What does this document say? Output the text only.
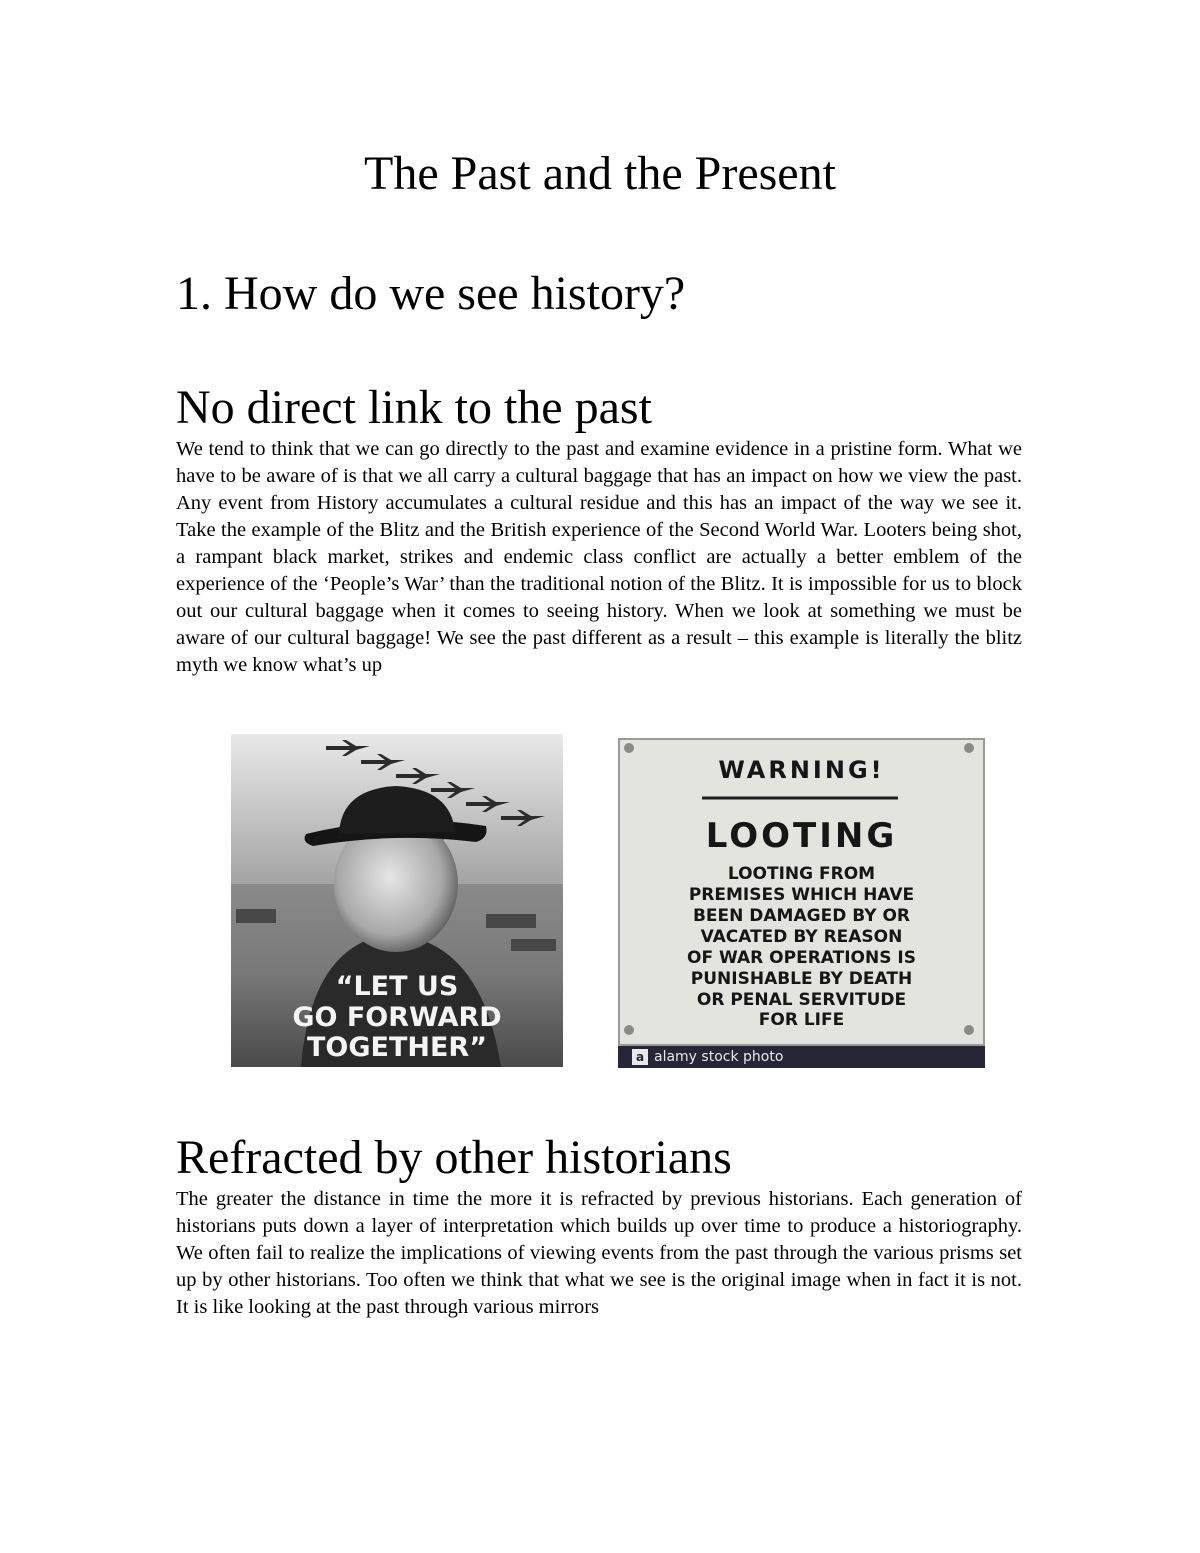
The Past and the Present
1. How do we see history?
No direct link to the past

We tend to think that we can go directly to the past and examine evidence in a pristine form. What we have to be aware of is that we all carry a cultural baggage that has an impact on how we view the past. Any event from History accumulates a cultural residue and this has an impact of the way we see it. Take the example of the Blitz and the British experience of the Second World War. Looters being shot, a rampant black market, strikes and endemic class conflict are actually a better emblem of the experience of the ‘People’s War’ than the traditional notion of the Blitz. It is impossible for us to block out our cultural baggage when it comes to seeing history. When we look at something we must be aware of our cultural baggage! We see the past different as a result – this example is literally the blitz myth we know what’s up

“LET US
GO FORWARD
TOGETHER”
WARNING!
LOOTING
LOOTING FROM
PREMISES WHICH HAVE
BEEN DAMAGED BY OR
VACATED BY REASON
OF WAR OPERATIONS IS
PUNISHABLE BY DEATH
OR PENAL SERVITUDE
FOR LIFE
a alamy stock photo
Refracted by other historians

The greater the distance in time the more it is refracted by previous historians. Each generation of historians puts down a layer of interpretation which builds up over time to produce a historiography. We often fail to realize the implications of viewing events from the past through the various prisms set up by other historians. Too often we think that what we see is the original image when in fact it is not. It is like looking at the past through various mirrors
